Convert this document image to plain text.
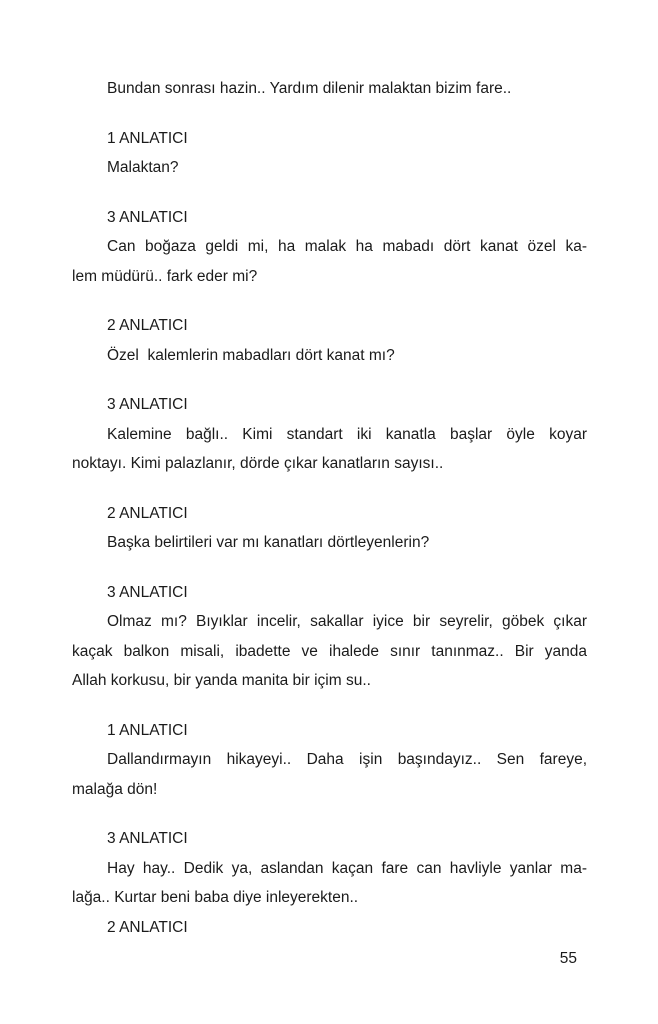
Bundan sonrası hazin.. Yardım dilenir malaktan bizim fare..
1 ANLATICI
Malaktan?
3 ANLATICI
Can boğaza geldi mi, ha malak ha mabadı dört kanat özel ka-
lem müdürü.. fark eder mi?
2 ANLATICI
Özel  kalemlerin mabadları dört kanat mı?
3 ANLATICI
Kalemine bağlı.. Kimi standart iki kanatla başlar öyle koyar
noktayı. Kimi palazlanır, dörde çıkar kanatların sayısı..
2 ANLATICI
Başka belirtileri var mı kanatları dörtleyenlerin?
3 ANLATICI
Olmaz mı? Bıyıklar incelir, sakallar iyice bir seyrelir, göbek çıkar
kaçak balkon misali, ibadette ve ihalede sınır tanınmaz.. Bir yanda
Allah korkusu, bir yanda manita bir içim su..
1 ANLATICI
Dallandırmayın hikayeyi.. Daha işin başındayız.. Sen fareye,
malağa dön!
3 ANLATICI
Hay hay.. Dedik ya, aslandan kaçan fare can havliyle yanlar ma-
lağa.. Kurtar beni baba diye inleyerekten..
2 ANLATICI
55
